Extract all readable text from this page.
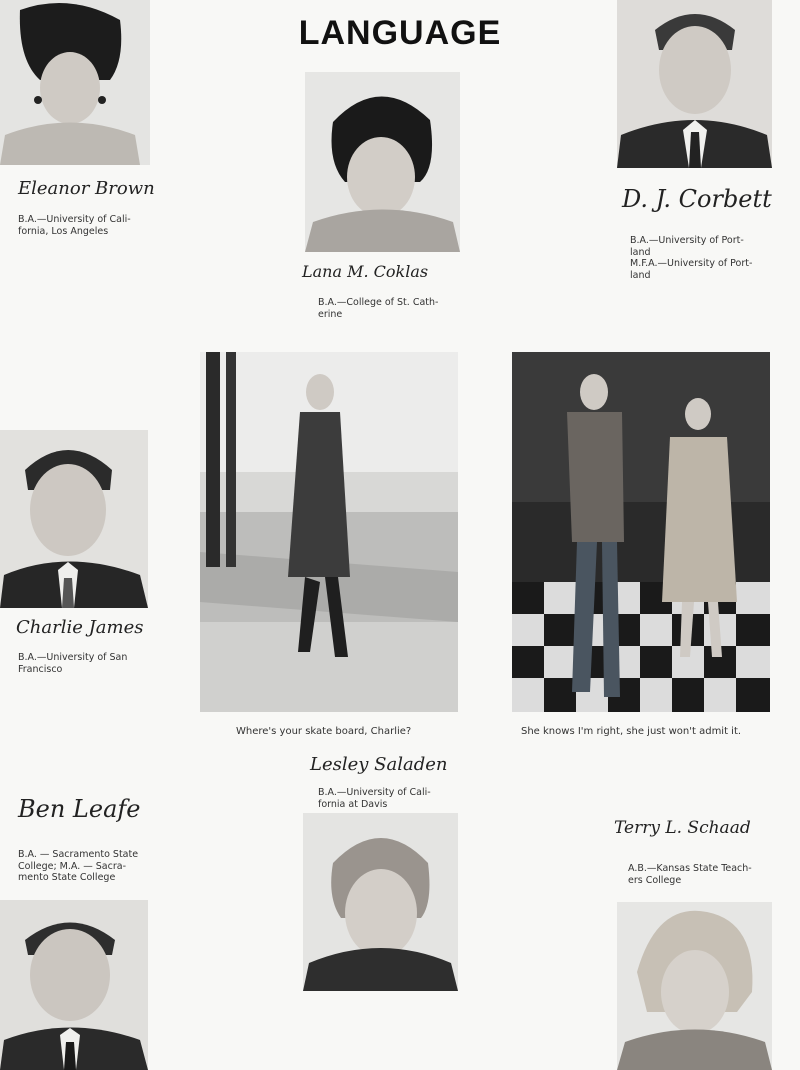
LANGUAGE
Eleanor Brown
B.A.—University of Cali-
fornia, Los Angeles
Lana M. Coklas
B.A.—College of St. Cath-
erine
D. J. Corbett
B.A.—University of Port-
land
M.F.A.—University of Port-
land
Charlie James
B.A.—University of San
Francisco
Where's your skate board, Charlie?	She knows I'm right, she just won't admit it.
Lesley Saladen
B.A.—University of Cali-
fornia at Davis
Ben Leafe
B.A. — Sacramento State
College; M.A. — Sacra-
mento State College
Terry L. Schaad
A.B.—Kansas State Teach-
ers College
